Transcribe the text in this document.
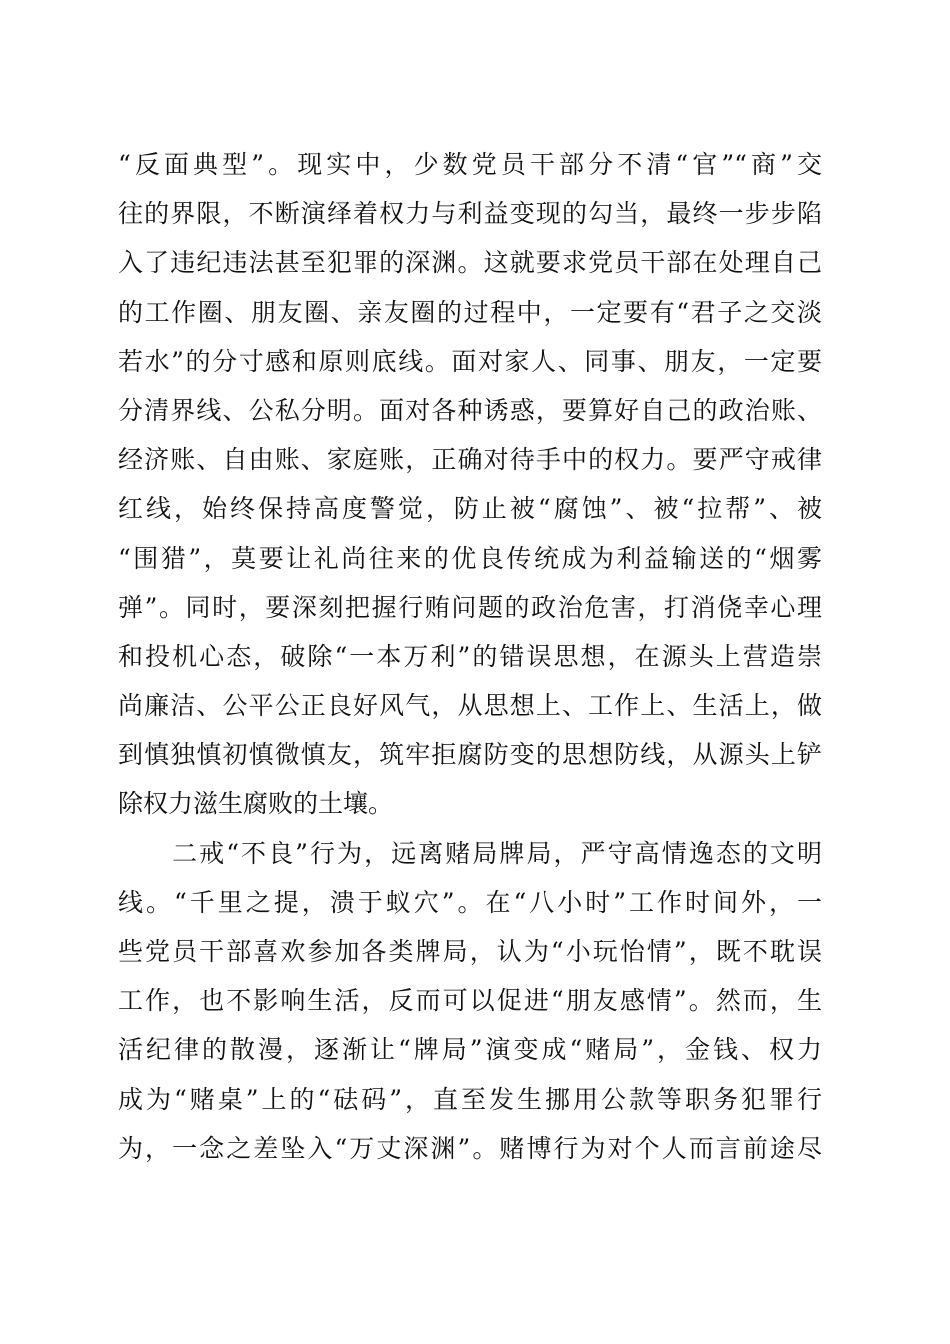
“反面典型”。现实中，少数党员干部分不清“官”“商”交
往的界限，不断演绎着权力与利益变现的勾当，最终一步步陷
入了违纪违法甚至犯罪的深渊。这就要求党员干部在处理自己
的工作圈、朋友圈、亲友圈的过程中，一定要有“君子之交淡
若水”的分寸感和原则底线。面对家人、同事、朋友，一定要
分清界线、公私分明。面对各种诱惑，要算好自己的政治账、
经济账、自由账、家庭账，正确对待手中的权力。要严守戒律
红线，始终保持高度警觉，防止被“腐蚀”、被“拉帮”、被
“围猎”，莫要让礼尚往来的优良传统成为利益输送的“烟雾
弹”。同时，要深刻把握行贿问题的政治危害，打消侥幸心理
和投机心态，破除“一本万利”的错误思想，在源头上营造崇
尚廉洁、公平公正良好风气，从思想上、工作上、生活上，做
到慎独慎初慎微慎友，筑牢拒腐防变的思想防线，从源头上铲
除权力滋生腐败的土壤。
　　二戒“不良”行为，远离赌局牌局，严守高情逸态的文明
线。“千里之提，溃于蚁穴”。在“八小时”工作时间外，一
些党员干部喜欢参加各类牌局，认为“小玩怡情”，既不耽误
工作，也不影响生活，反而可以促进“朋友感情”。然而，生
活纪律的散漫，逐渐让“牌局”演变成“赌局”，金钱、权力
成为“赌桌”上的“砝码”，直至发生挪用公款等职务犯罪行
为，一念之差坠入“万丈深渊”。赌博行为对个人而言前途尽
